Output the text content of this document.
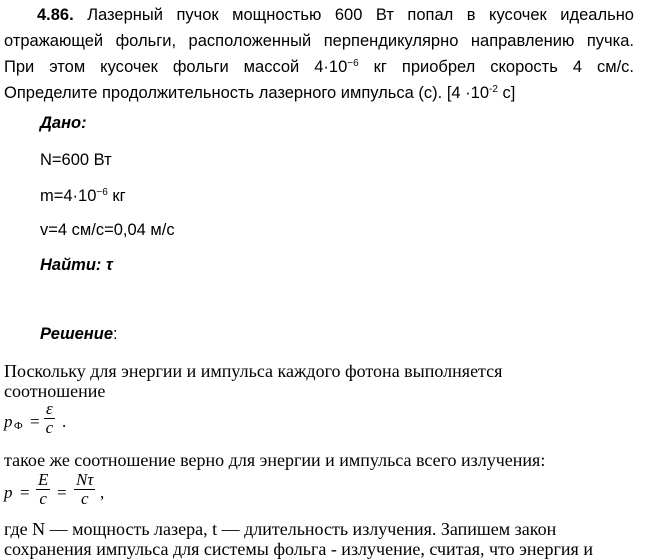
4.86. Лазерный пучок мощностью 600 Вт попал в кусочек идеально
отражающей фольги, расположенный перпендикулярно направлению пучка.
При этом кусочек фольги массой $4\cdot 10^{-6}$ кг приобрел скорость 4 см/с.
Определите продолжительность лазерного импульса (с). [$4 \cdot 10^{-2}$ с]
Дано:
N=600 Вт
$m=4\cdot 10^{-6}$ кг
v=4 см/с=0,04 м/с
Найти: τ
Решение:
Поскольку для энергии и импульса каждого фотона выполняется
соотношение
p $Ф = \frac{\varepsilon}{c}$ .
такое же соотношение верно для энергии и импульса всего излучения:
$p = \frac{E}{c} = \frac{N\tau}{c}$ ,
где N — мощность лазера, t — длительность излучения. Запишем закон
сохранения импульса для системы фольга - излучение, считая, что энергия и
